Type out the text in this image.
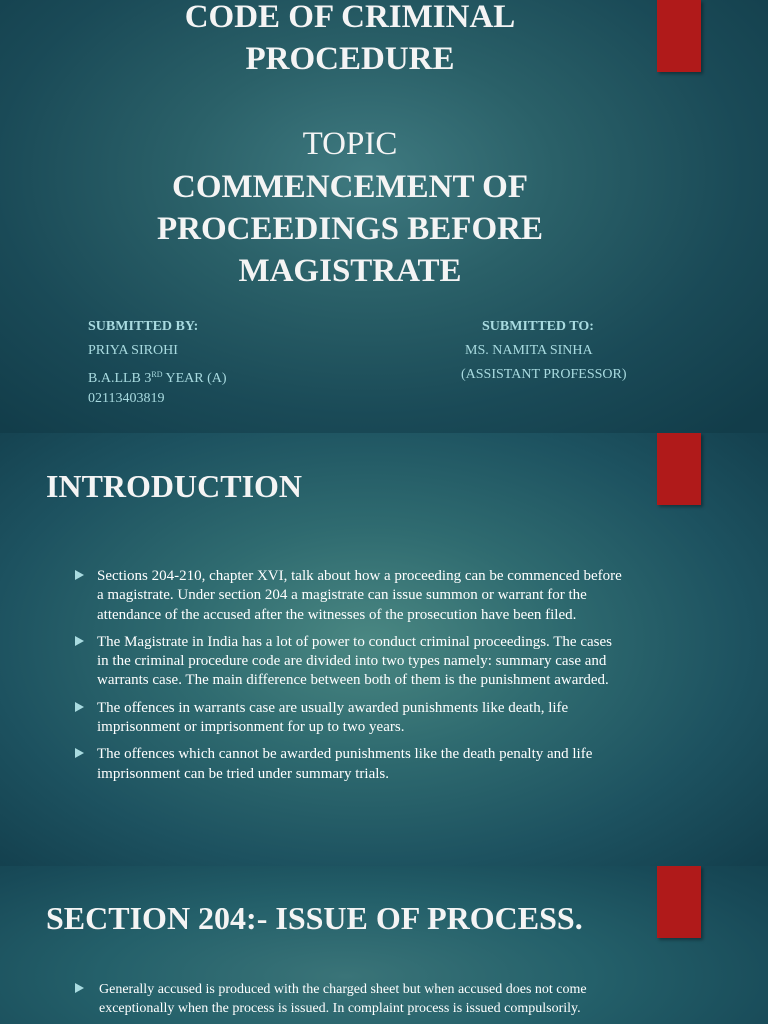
CODE OF CRIMINAL
PROCEDURE
TOPIC
COMMENCEMENT OF
PROCEEDINGS BEFORE
MAGISTRATE
SUBMITTED BY:
PRIYA SIROHI
B.A.LLB 3RD YEAR (A)
02113403819
SUBMITTED TO:
MS. NAMITA SINHA
(ASSISTANT PROFESSOR)
INTRODUCTION
Sections 204-210, chapter XVI, talk about how a proceeding can be commenced before a magistrate. Under section 204 a magistrate can issue summon or warrant for the attendance of the accused after the witnesses of the prosecution have been filed.
The Magistrate in India has a lot of power to conduct criminal proceedings. The cases in the criminal procedure code are divided into two types namely: summary case and warrants case. The main difference between both of them is the punishment awarded.
The offences in warrants case are usually awarded punishments like death, life imprisonment or imprisonment for up to two years.
The offences which cannot be awarded punishments like the death penalty and life imprisonment can be tried under summary trials.
SECTION 204:- ISSUE OF PROCESS.
Generally accused is produced with the charged sheet but when accused does not come exceptionally when the process is issued. In complaint process is issued compulsorily.
